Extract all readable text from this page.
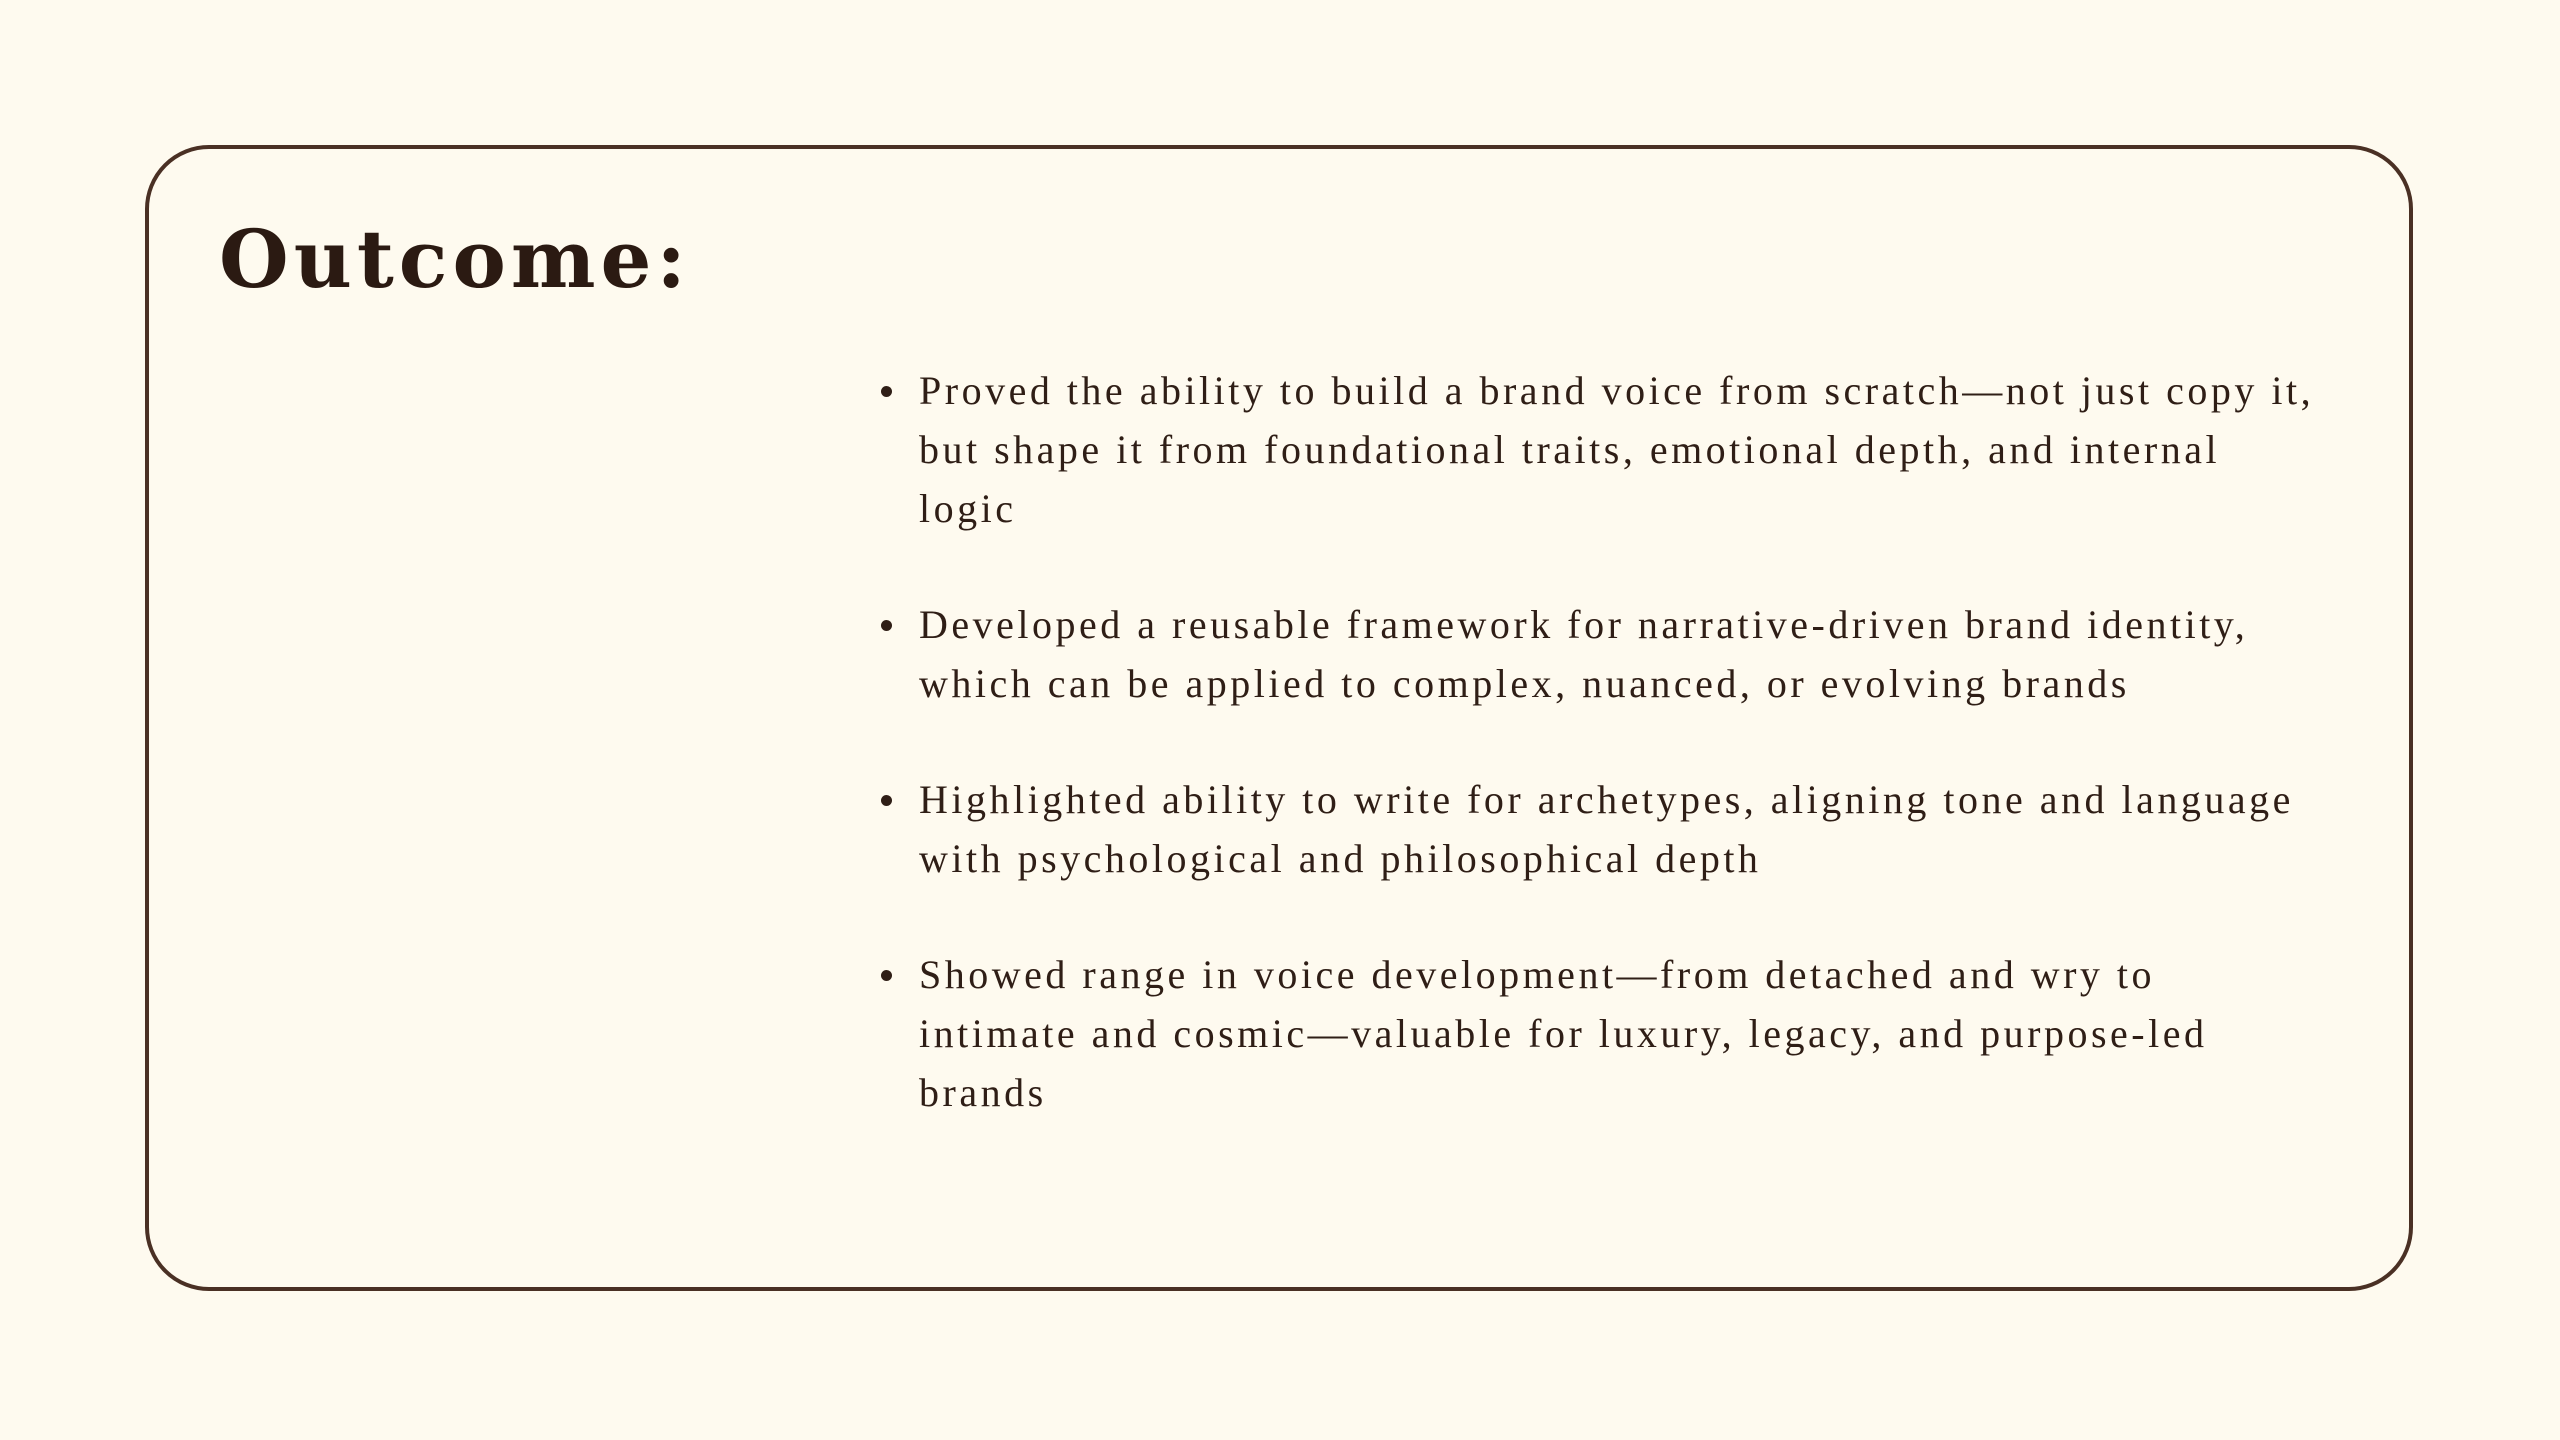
Outcome:
Proved the ability to build a brand voice from scratch—not just copy it, but shape it from foundational traits, emotional depth, and internal logic
Developed a reusable framework for narrative-driven brand identity, which can be applied to complex, nuanced, or evolving brands
Highlighted ability to write for archetypes, aligning tone and language with psychological and philosophical depth
Showed range in voice development—from detached and wry to intimate and cosmic—valuable for luxury, legacy, and purpose-led brands
